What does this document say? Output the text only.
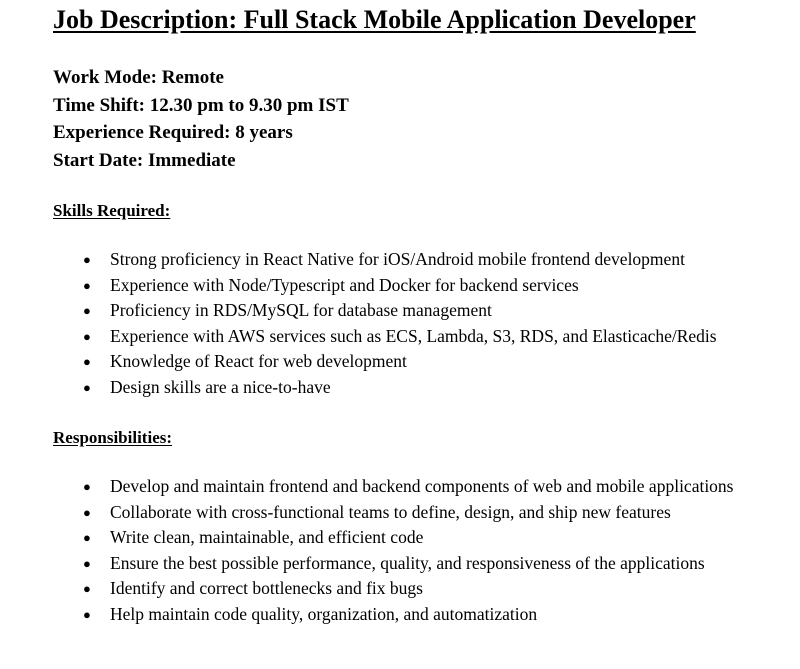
Job Description: Full Stack Mobile Application Developer
Work Mode: Remote
Time Shift: 12.30 pm to 9.30 pm IST
Experience Required: 8 years
Start Date: Immediate
Skills Required:
● Strong proficiency in React Native for iOS/Android mobile frontend development
● Experience with Node/Typescript and Docker for backend services
● Proficiency in RDS/MySQL for database management
● Experience with AWS services such as ECS, Lambda, S3, RDS, and Elasticache/Redis
● Knowledge of React for web development
● Design skills are a nice-to-have
Responsibilities:
● Develop and maintain frontend and backend components of web and mobile applications
● Collaborate with cross-functional teams to define, design, and ship new features
● Write clean, maintainable, and efficient code
● Ensure the best possible performance, quality, and responsiveness of the applications
● Identify and correct bottlenecks and fix bugs
● Help maintain code quality, organization, and automatization
